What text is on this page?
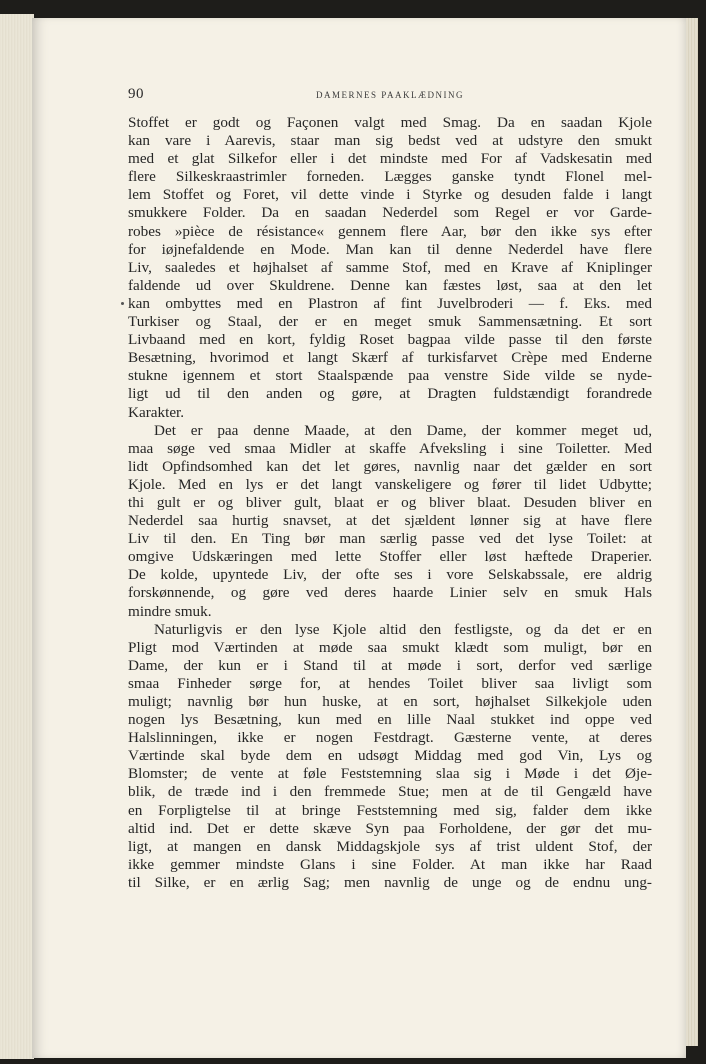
90	DAMERNES PAAKLÆDNING
Stoffet er godt og Façonen valgt med Smag. Da en saadan Kjole
kan vare i Aarevis, staar man sig bedst ved at udstyre den smukt
med et glat Silkefor eller i det mindste med For af Vadskesatin med
flere Silkeskraastrimler forneden. Lægges ganske tyndt Flonel mel-
lem Stoffet og Foret, vil dette vinde i Styrke og desuden falde i langt
smukkere Folder. Da en saadan Nederdel som Regel er vor Garde-
robes »pièce de résistance« gennem flere Aar, bør den ikke sys efter
for iøjnefaldende en Mode. Man kan til denne Nederdel have flere
Liv, saaledes et højhalset af samme Stof, med en Krave af Kniplinger
faldende ud over Skuldrene. Denne kan fæstes løst, saa at den let
kan ombyttes med en Plastron af fint Juvelbroderi — f. Eks. med
Turkiser og Staal, der er en meget smuk Sammensætning. Et sort
Livbaand med en kort, fyldig Roset bagpaa vilde passe til den første
Besætning, hvorimod et langt Skærf af turkisfarvet Crèpe med Enderne
stukne igennem et stort Staalspænde paa venstre Side vilde se nyde-
ligt ud til den anden og gøre, at Dragten fuldstændigt forandrede
Karakter.
Det er paa denne Maade, at den Dame, der kommer meget ud,
maa søge ved smaa Midler at skaffe Afveksling i sine Toiletter. Med
lidt Opfindsomhed kan det let gøres, navnlig naar det gælder en sort
Kjole. Med en lys er det langt vanskeligere og fører til lidet Udbytte;
thi gult er og bliver gult, blaat er og bliver blaat. Desuden bliver en
Nederdel saa hurtig snavset, at det sjældent lønner sig at have flere
Liv til den. En Ting bør man særlig passe ved det lyse Toilet: at
omgive Udskæringen med lette Stoffer eller løst hæftede Draperier.
De kolde, upyntede Liv, der ofte ses i vore Selskabssale, ere aldrig
forskønnende, og gøre ved deres haarde Linier selv en smuk Hals
mindre smuk.
Naturligvis er den lyse Kjole altid den festligste, og da det er en
Pligt mod Værtinden at møde saa smukt klædt som muligt, bør en
Dame, der kun er i Stand til at møde i sort, derfor ved særlige
smaa Finheder sørge for, at hendes Toilet bliver saa livligt som
muligt; navnlig bør hun huske, at en sort, højhalset Silkekjole uden
nogen lys Besætning, kun med en lille Naal stukket ind oppe ved
Halslinningen, ikke er nogen Festdragt. Gæsterne vente, at deres
Værtinde skal byde dem en udsøgt Middag med god Vin, Lys og
Blomster; de vente at føle Feststemning slaa sig i Møde i det Øje-
blik, de træde ind i den fremmede Stue; men at de til Gengæld have
en Forpligtelse til at bringe Feststemning med sig, falder dem ikke
altid ind. Det er dette skæve Syn paa Forholdene, der gør det mu-
ligt, at mangen en dansk Middagskjole sys af trist uldent Stof, der
ikke gemmer mindste Glans i sine Folder. At man ikke har Raad
til Silke, er en ærlig Sag; men navnlig de unge og de endnu ung-
